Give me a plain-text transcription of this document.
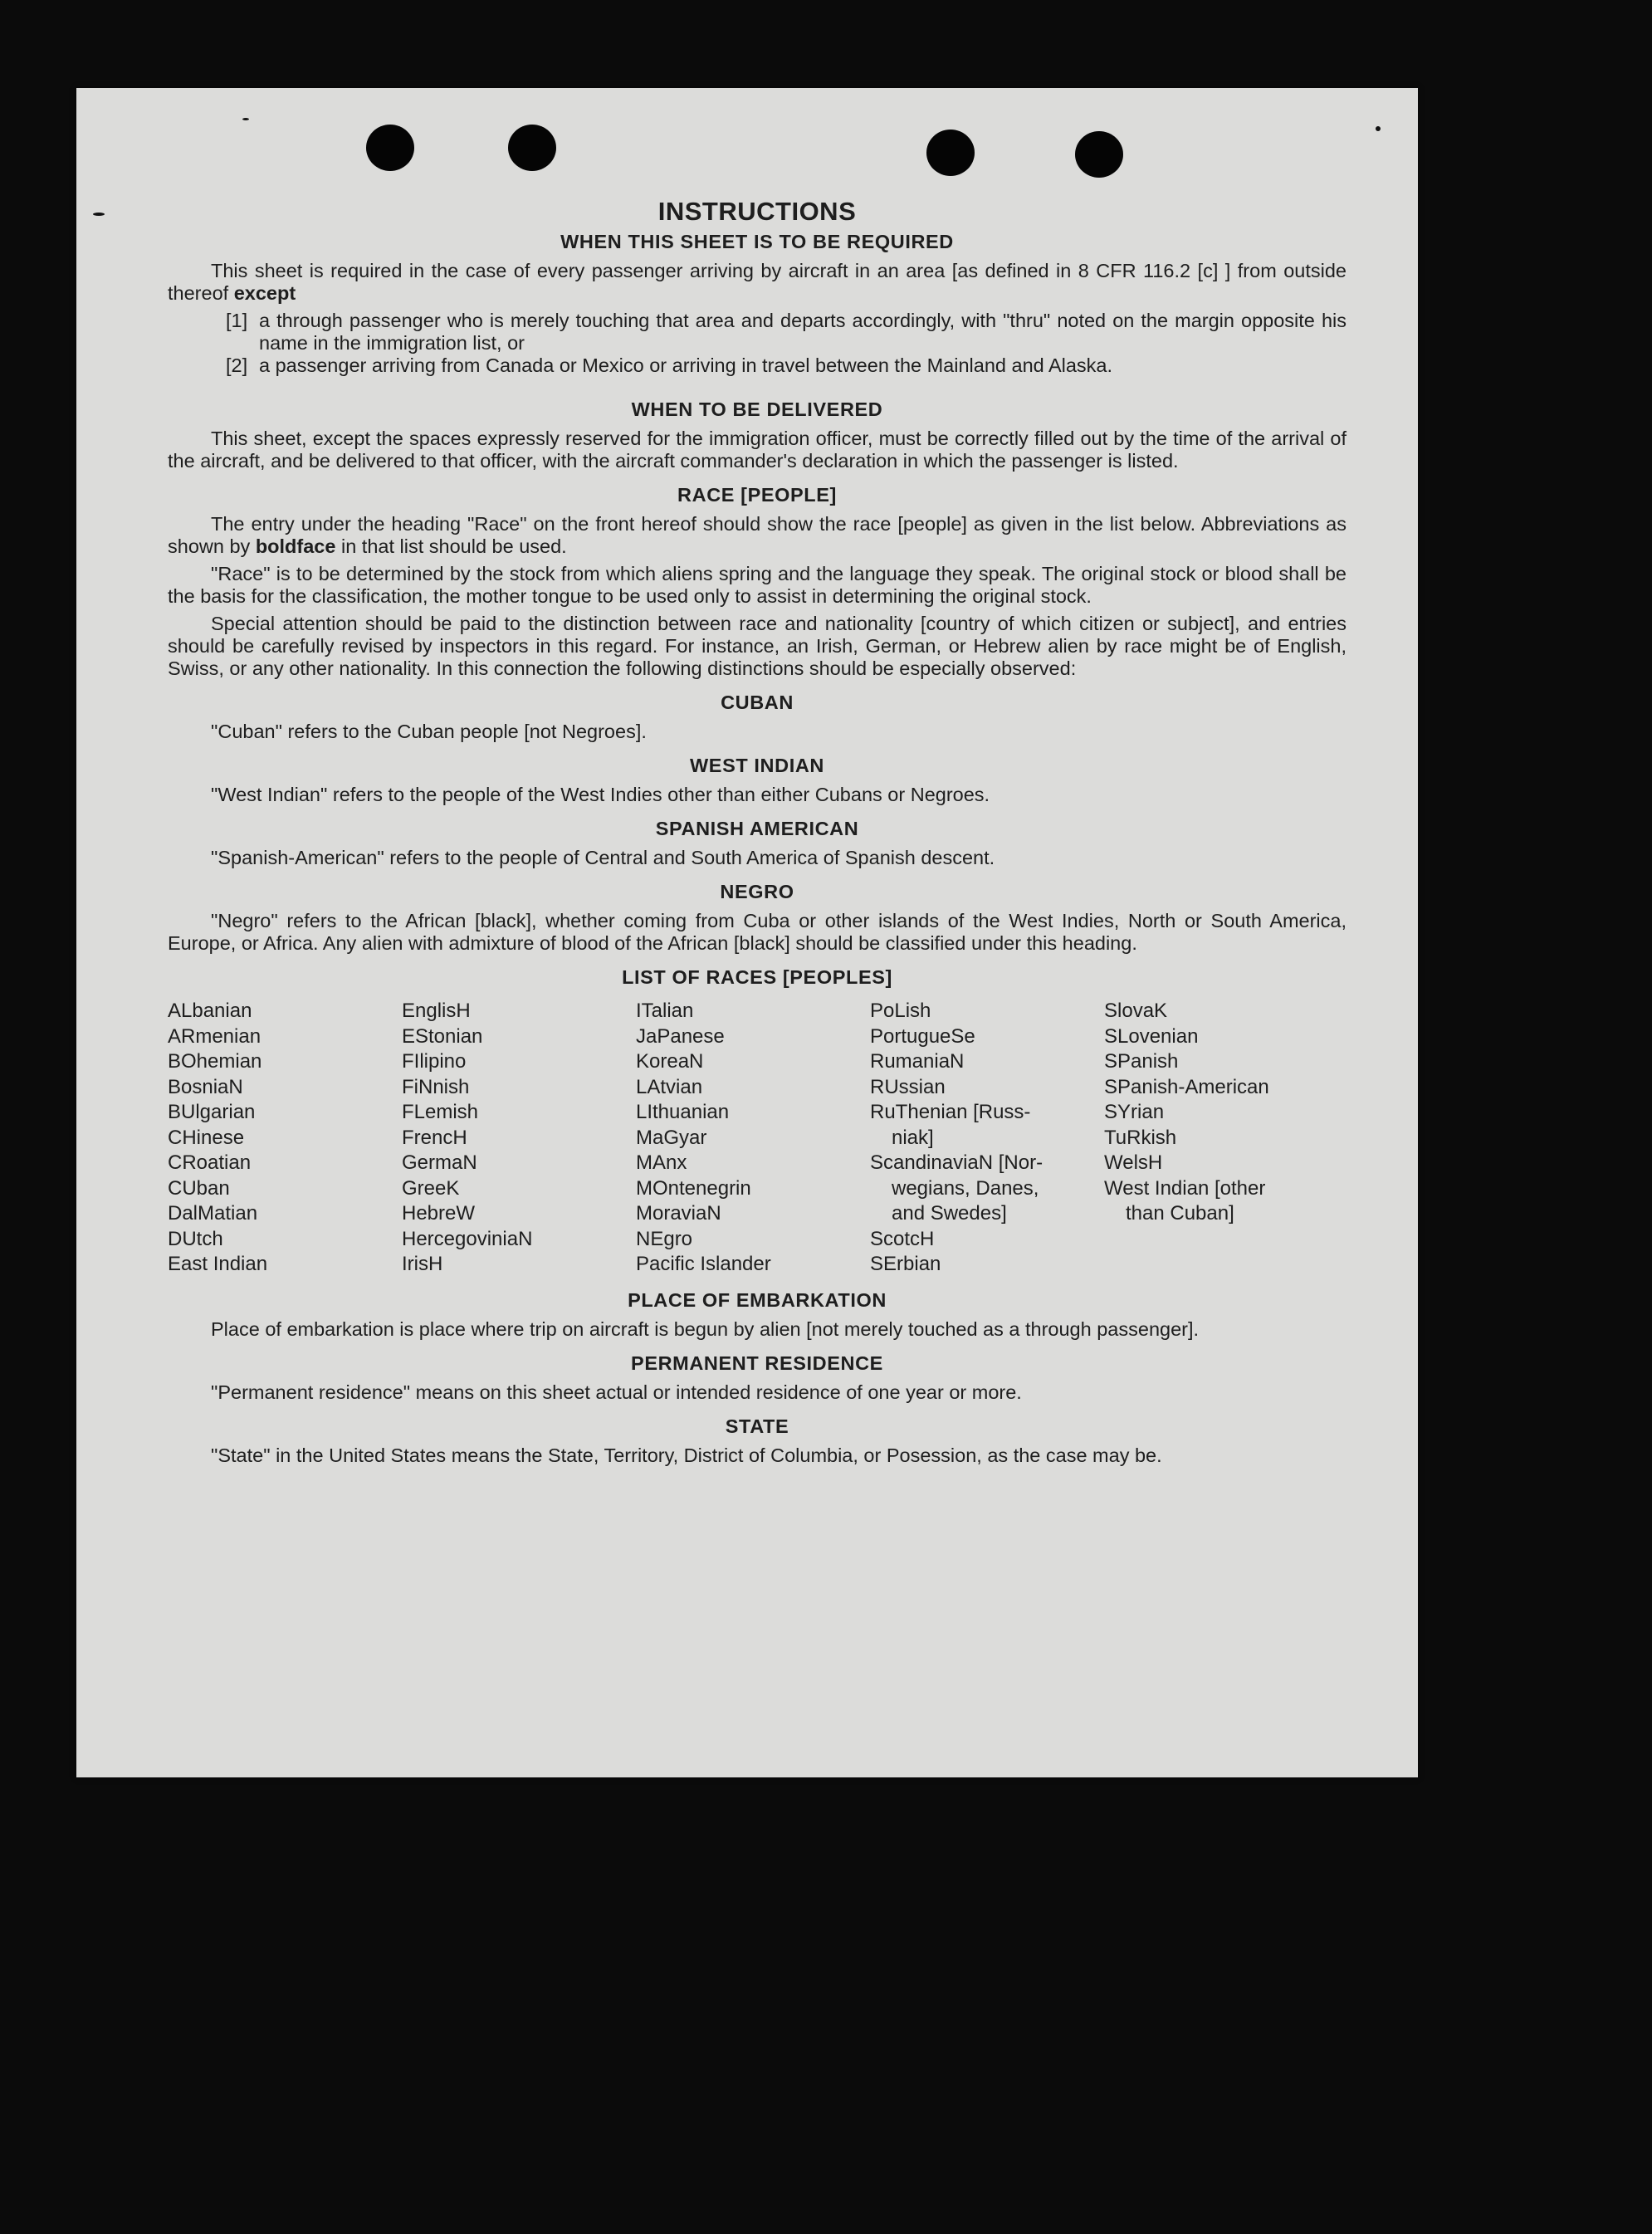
INSTRUCTIONS
WHEN THIS SHEET IS TO BE REQUIRED

This sheet is required in the case of every passenger arriving by aircraft in an area [as defined in 8 CFR 116.2 [c] ] from outside thereof except

[1] a through passenger who is merely touching that area and departs accordingly, with "thru" noted on the margin opposite his name in the immigration list, or

[2] a passenger arriving from Canada or Mexico or arriving in travel between the Mainland and Alaska.

WHEN TO BE DELIVERED

This sheet, except the spaces expressly reserved for the immigration officer, must be correctly filled out by the time of the arrival of the aircraft, and be delivered to that officer, with the aircraft commander's declaration in which the passenger is listed.

RACE [PEOPLE]

The entry under the heading "Race" on the front hereof should show the race [people] as given in the list below. Abbreviations as shown by boldface in that list should be used.

"Race" is to be determined by the stock from which aliens spring and the language they speak. The original stock or blood shall be the basis for the classification, the mother tongue to be used only to assist in determining the original stock.

Special attention should be paid to the distinction between race and nationality [country of which citizen or subject], and entries should be carefully revised by inspectors in this regard. For instance, an Irish, German, or Hebrew alien by race might be of English, Swiss, or any other nationality. In this connection the following distinctions should be especially observed:

CUBAN

"Cuban" refers to the Cuban people [not Negroes].

WEST INDIAN

"West Indian" refers to the people of the West Indies other than either Cubans or Negroes.

SPANISH AMERICAN

"Spanish-American" refers to the people of Central and South America of Spanish descent.

NEGRO

"Negro" refers to the African [black], whether coming from Cuba or other islands of the West Indies, North or South America, Europe, or Africa. Any alien with admixture of blood of the African [black] should be classified under this heading.

LIST OF RACES [PEOPLES]
ALbanian
ARmenian
BOhemian
BosniaN
BUlgarian
CHinese
CRoatian
CUban
DalMatian
DUtch
East Indian
EnglisH
EStonian
FIlipino
FiNnish
FLemish
FrencH
GermaN
GreeK
HebreW
HercegoviniaN
IrisH
ITalian
JaPanese
KoreaN
LAtvian
LIthuanian
MaGyar
MAnx
MOntenegrin
MoraviaN
NEgro
Pacific Islander
PoLish
PortugueSe
RumaniaN
RUssian
RuThenian [Russ-
niak]
ScandinaviaN [Nor-
wegians, Danes,
and Swedes]
ScotcH
SErbian
SlovaK
SLovenian
SPanish
SPanish-American
SYrian
TuRkish
WelsH
West Indian [other
than Cuban]
PLACE OF EMBARKATION

Place of embarkation is place where trip on aircraft is begun by alien [not merely touched as a through passenger].

PERMANENT RESIDENCE

"Permanent residence" means on this sheet actual or intended residence of one year or more.

STATE

"State" in the United States means the State, Territory, District of Columbia, or Posession, as the case may be.
